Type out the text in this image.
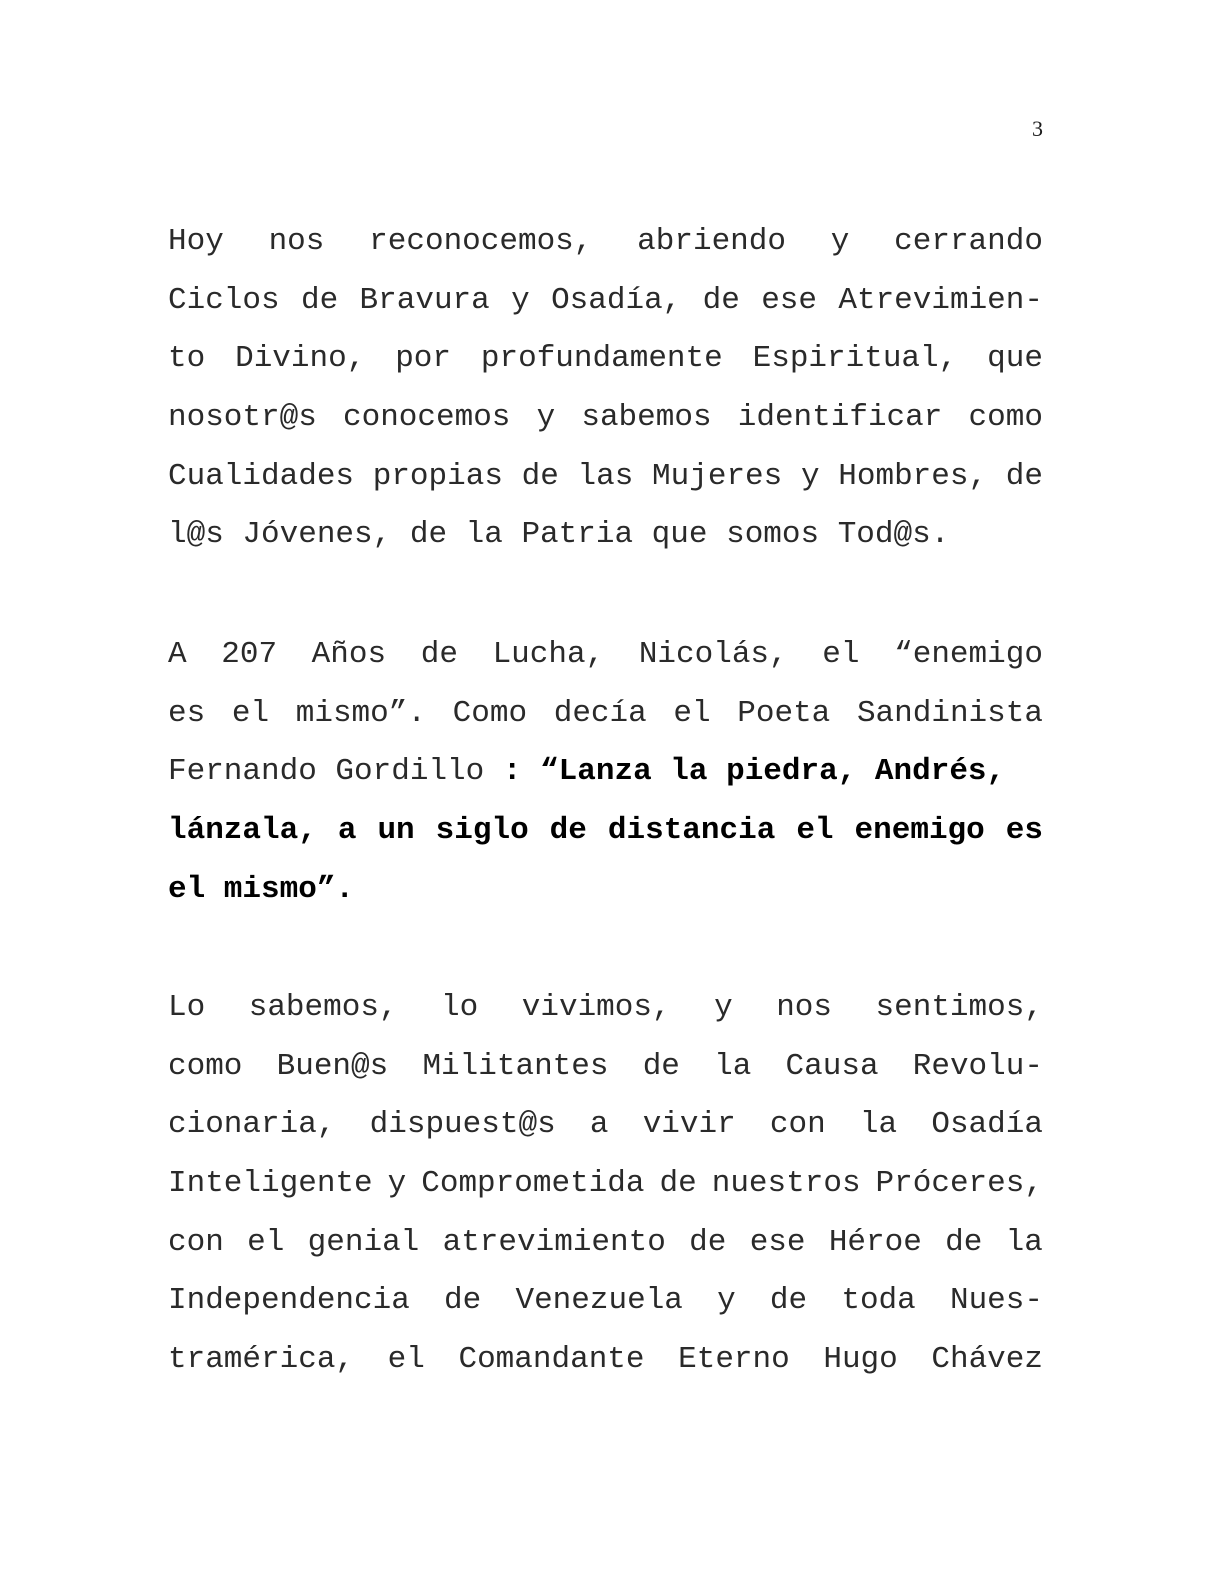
3
Hoy nos reconocemos, abriendo y cerrando
Ciclos de Bravura y Osadía, de ese Atrevimien-
to Divino, por profundamente Espiritual, que
nosotr@s conocemos y sabemos identificar como
Cualidades propias de las Mujeres y Hombres, de
l@s Jóvenes, de la Patria que somos Tod@s.
A 207 Años de Lucha, Nicolás, el “enemigo
es el mismo”. Como decía el Poeta Sandinista
Fernando Gordillo : “Lanza la piedra, Andrés,
lánzala, a un siglo de distancia el enemigo es
el mismo”.
Lo sabemos, lo vivimos, y nos sentimos,
como Buen@s Militantes de la Causa Revolu-
cionaria, dispuest@s a vivir con la Osadía
Inteligente y Comprometida de nuestros Próceres,
con el genial atrevimiento de ese Héroe de la
Independencia de Venezuela y de toda Nues-
tramérica, el Comandante Eterno Hugo Chávez
